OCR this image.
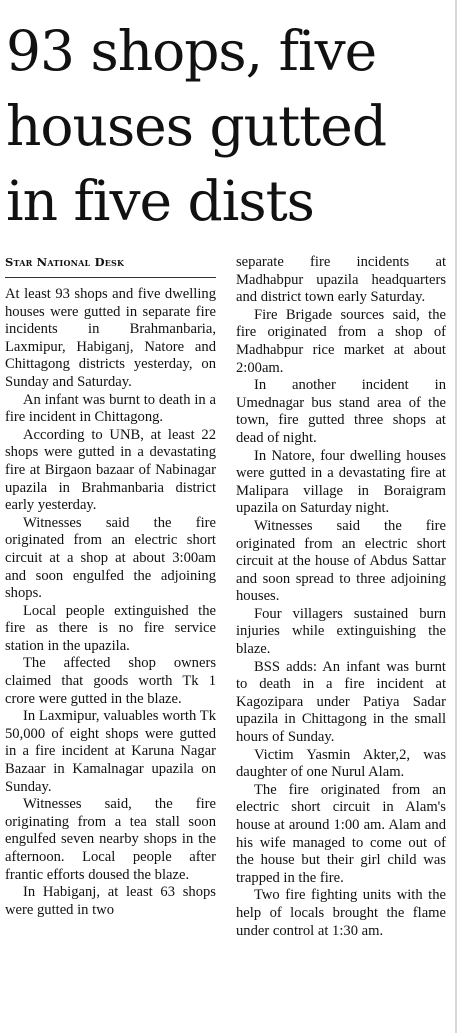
93 shops, five
houses gutted
in five dists
Star National Desk

At least 93 shops and five dwelling houses were gutted in separate fire incidents in Brahmanbaria, Laxmipur, Habiganj, Natore and Chittagong districts yesterday, on Sunday and Saturday.

An infant was burnt to death in a fire incident in Chittagong.

According to UNB, at least 22 shops were gutted in a devastating fire at Birgaon bazaar of Nabinagar upazila in Brahmanbaria district early yesterday.

Witnesses said the fire originated from an electric short circuit at a shop at about 3:00am and soon engulfed the adjoining shops.

Local people extinguished the fire as there is no fire service station in the upazila.

The affected shop owners claimed that goods worth Tk 1 crore were gutted in the blaze.

In Laxmipur, valuables worth Tk 50,000 of eight shops were gutted in a fire incident at Karuna Nagar Bazaar in Kamalnagar upazila on Sunday.

Witnesses said, the fire originating from a tea stall soon engulfed seven nearby shops in the afternoon. Local people after frantic efforts doused the blaze.

In Habiganj, at least 63 shops were gutted in two

separate fire incidents at Madhabpur upazila headquarters and district town early Saturday.

Fire Brigade sources said, the fire originated from a shop of Madhabpur rice market at about 2:00am.

In another incident in Umednagar bus stand area of the town, fire gutted three shops at dead of night.

In Natore, four dwelling houses were gutted in a devastating fire at Malipara village in Boraigram upazila on Saturday night.

Witnesses said the fire originated from an electric short circuit at the house of Abdus Sattar and soon spread to three adjoining houses.

Four villagers sustained burn injuries while extinguishing the blaze.

BSS adds: An infant was burnt to death in a fire incident at Kagozipara under Patiya Sadar upazila in Chittagong in the small hours of Sunday.

Victim Yasmin Akter,2, was daughter of one Nurul Alam.

The fire originated from an electric short circuit in Alam's house at around 1:00 am. Alam and his wife managed to come out of the house but their girl child was trapped in the fire.

Two fire fighting units with the help of locals brought the flame under control at 1:30 am.
